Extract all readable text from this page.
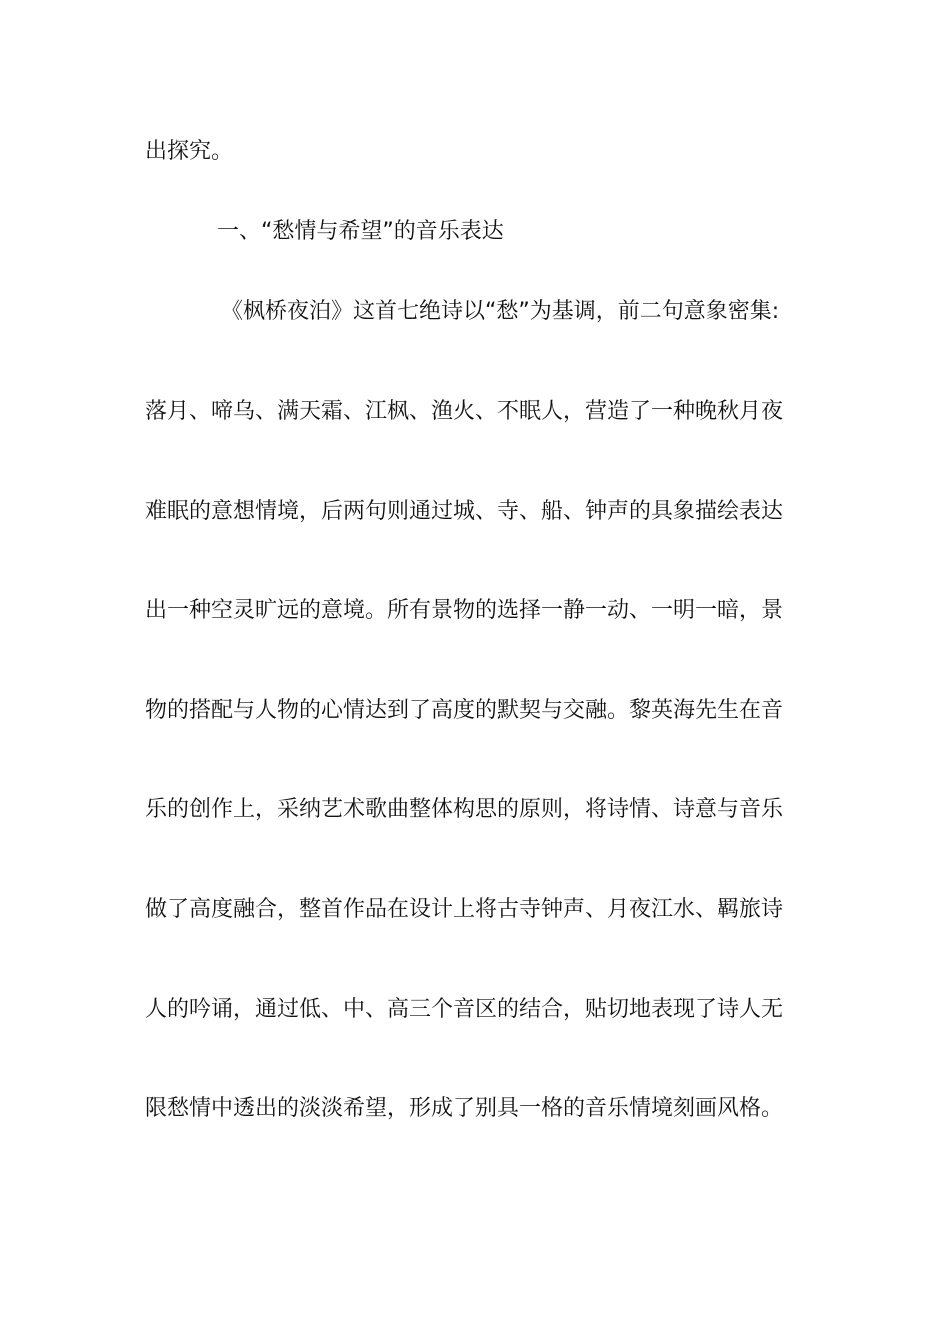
出探究。
一、“愁情与希望”的音乐表达
《枫桥夜泊》这首七绝诗以“愁”为基调，前二句意象密集:
落月、啼乌、满天霜、江枫、渔火、不眠人，营造了一种晚秋月夜
难眠的意想情境，后两句则通过城、寺、船、钟声的具象描绘表达
出一种空灵旷远的意境。所有景物的选择一静一动、一明一暗，景
物的搭配与人物的心情达到了高度的默契与交融。黎英海先生在音
乐的创作上，采纳艺术歌曲整体构思的原则，将诗情、诗意与音乐
做了高度融合，整首作品在设计上将古寺钟声、月夜江水、羁旅诗
人的吟诵，通过低、中、高三个音区的结合，贴切地表现了诗人无
限愁情中透出的淡淡希望，形成了别具一格的音乐情境刻画风格。
